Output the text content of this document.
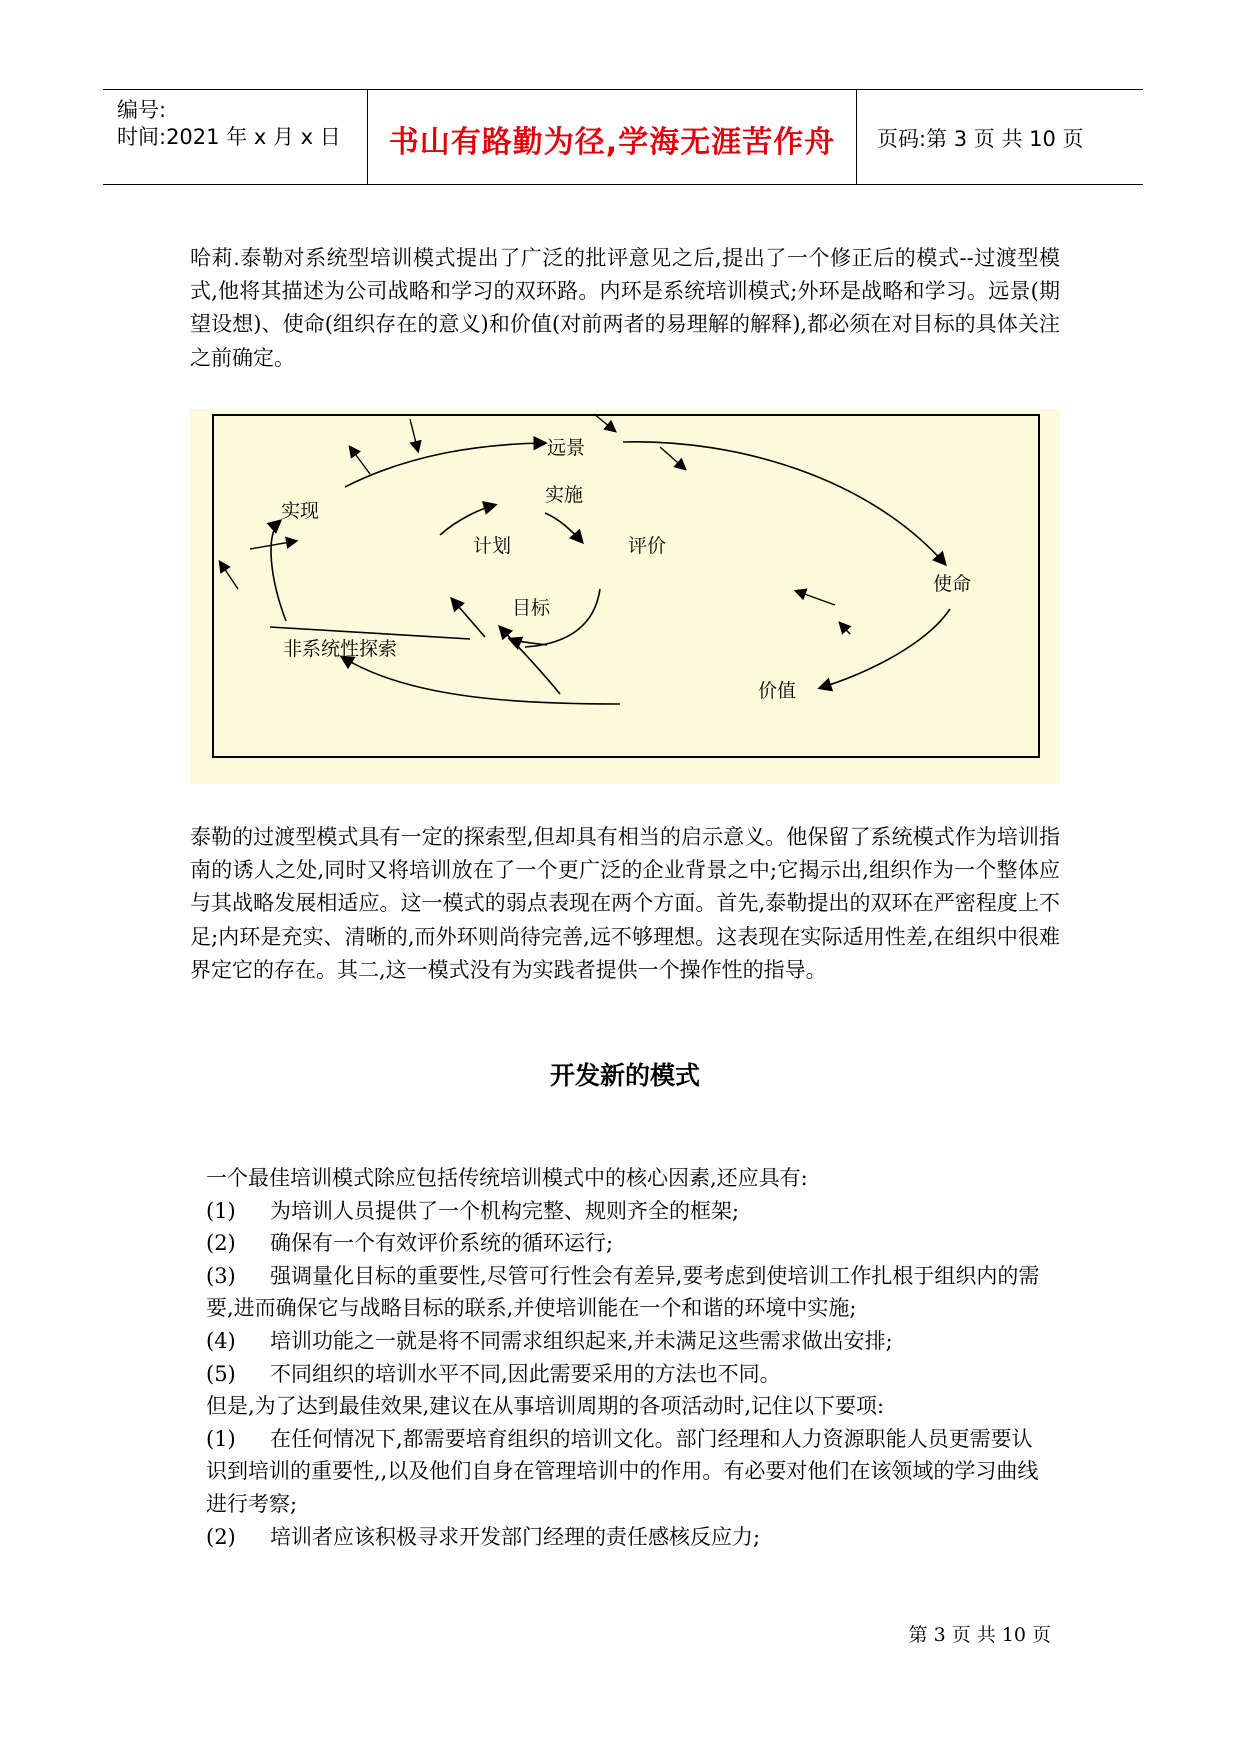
编号:
时间:2021 年 x 月 x 日	书山有路勤为径,学海无涯苦作舟	页码:第 3 页 共 10 页

哈莉.泰勒对系统型培训模式提出了广泛的批评意见之后,提出了一个修正后的模式--过渡型模式,他将其描述为公司战略和学习的双环路。内环是系统培训模式;外环是战略和学习。远景(期望设想)、使命(组织存在的意义)和价值(对前两者的易理解的解释),都必须在对目标的具体关注之前确定。

远景
实施
实现
计划	评价
使命
目标
非系统性探索
价值

泰勒的过渡型模式具有一定的探索型,但却具有相当的启示意义。他保留了系统模式作为培训指南的诱人之处,同时又将培训放在了一个更广泛的企业背景之中;它揭示出,组织作为一个整体应与其战略发展相适应。这一模式的弱点表现在两个方面。首先,泰勒提出的双环在严密程度上不足;内环是充实、清晰的,而外环则尚待完善,远不够理想。这表现在实际适用性差,在组织中很难界定它的存在。其二,这一模式没有为实践者提供一个操作性的指导。

开发新的模式
一个最佳培训模式除应包括传统培训模式中的核心因素,还应具有:
(1) 为培训人员提供了一个机构完整、规则齐全的框架;
(2) 确保有一个有效评价系统的循环运行;
(3) 强调量化目标的重要性,尽管可行性会有差异,要考虑到使培训工作扎根于组织内的需要,进而确保它与战略目标的联系,并使培训能在一个和谐的环境中实施;
(4) 培训功能之一就是将不同需求组织起来,并未满足这些需求做出安排;
(5) 不同组织的培训水平不同,因此需要采用的方法也不同。
但是,为了达到最佳效果,建议在从事培训周期的各项活动时,记住以下要项:
(1) 在任何情况下,都需要培育组织的培训文化。部门经理和人力资源职能人员更需要认识到培训的重要性,,以及他们自身在管理培训中的作用。有必要对他们在该领域的学习曲线进行考察;
(2) 培训者应该积极寻求开发部门经理的责任感核反应力;
第 3 页 共 10 页
